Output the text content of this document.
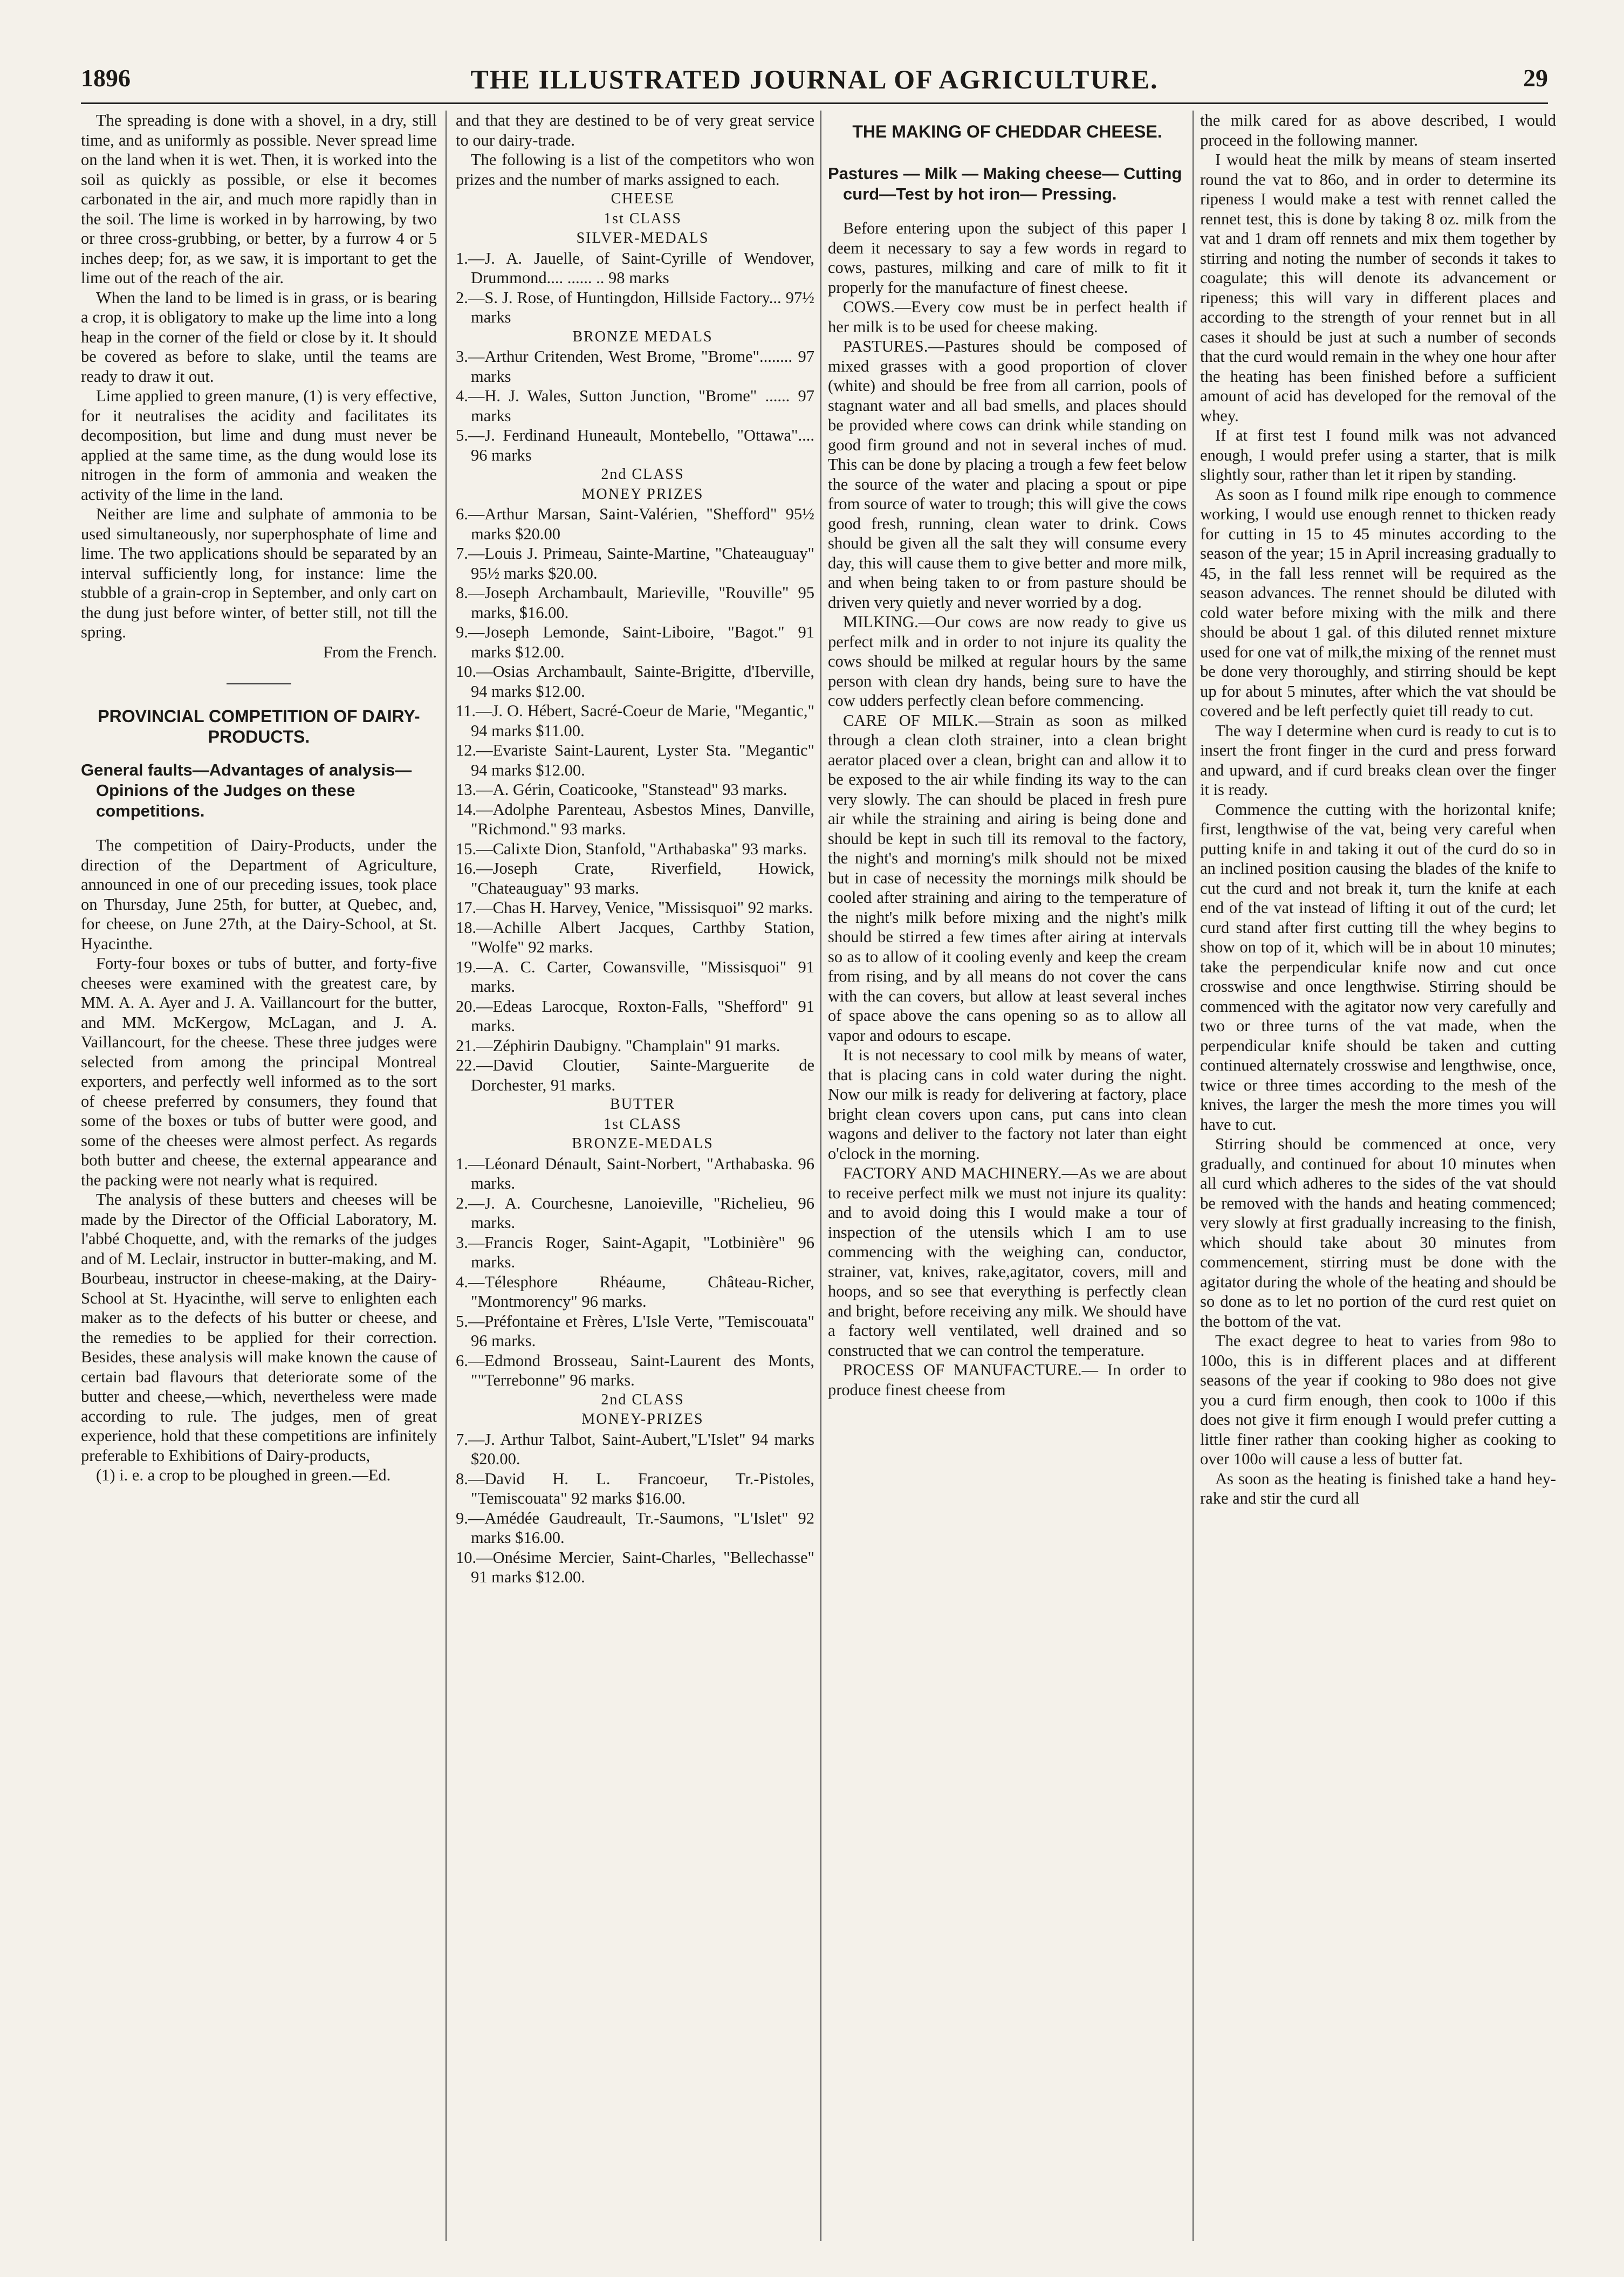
1896	THE ILLUSTRATED JOURNAL OF AGRICULTURE.	29

The spreading is done with a shovel, in a dry, still time, and as uniformly as possible. Never spread lime on the land when it is wet. Then, it is worked into the soil as quickly as possible, or else it becomes carbonated in the air, and much more rapidly than in the soil. The lime is worked in by harrowing, by two or three cross-grubbing, or better, by a furrow 4 or 5 inches deep; for, as we saw, it is important to get the lime out of the reach of the air.

When the land to be limed is in grass, or is bearing a crop, it is obligatory to make up the lime into a long heap in the corner of the field or close by it. It should be covered as before to slake, until the teams are ready to draw it out.

Lime applied to green manure, (1) is very effective, for it neutralises the acidity and facilitates its decomposition, but lime and dung must never be applied at the same time, as the dung would lose its nitrogen in the form of ammonia and weaken the activity of the lime in the land.

Neither are lime and sulphate of ammonia to be used simultaneously, nor superphosphate of lime and lime. The two applications should be separated by an interval sufficiently long, for instance: lime the stubble of a grain-crop in September, and only cart on the dung just before winter, of better still, not till the spring.

From the French.

PROVINCIAL COMPETITION OF DAIRY-PRODUCTS.
General faults—Advantages of analysis—Opinions of the Judges on these competitions.

The competition of Dairy-Products, under the direction of the Department of Agriculture, announced in one of our preceding issues, took place on Thursday, June 25th, for butter, at Quebec, and, for cheese, on June 27th, at the Dairy-School, at St. Hyacinthe.

Forty-four boxes or tubs of butter, and forty-five cheeses were examined with the greatest care, by MM. A. A. Ayer and J. A. Vaillancourt for the butter, and MM. McKergow, McLagan, and J. A. Vaillancourt, for the cheese. These three judges were selected from among the principal Montreal exporters, and perfectly well informed as to the sort of cheese preferred by consumers, they found that some of the boxes or tubs of butter were good, and some of the cheeses were almost perfect. As regards both butter and cheese, the external appearance and the packing were not nearly what is required.

The analysis of these butters and cheeses will be made by the Director of the Official Laboratory, M. l'abbé Choquette, and, with the remarks of the judges and of M. Leclair, instructor in butter-making, and M. Bourbeau, instructor in cheese-making, at the Dairy-School at St. Hyacinthe, will serve to enlighten each maker as to the defects of his butter or cheese, and the remedies to be applied for their correction. Besides, these analysis will make known the cause of certain bad flavours that deteriorate some of the butter and cheese,—which, nevertheless were made according to rule. The judges, men of great experience, hold that these competitions are infinitely preferable to Exhibitions of Dairy-products,

(1) i. e. a crop to be ploughed in green.—Ed.

and that they are destined to be of very great service to our dairy-trade.

The following is a list of the competitors who won prizes and the number of marks assigned to each.

CHEESE

1st CLASS

SILVER-MEDALS

1.—J. A. Jauelle, of Saint-Cyrille of Wendover, Drummond.... ...... .. 98 marks
2.—S. J. Rose, of Huntingdon, Hillside Factory... 97½ marks

BRONZE MEDALS

3.—Arthur Critenden, West Brome, "Brome"........ 97 marks
4.—H. J. Wales, Sutton Junction, "Brome" ...... 97 marks
5.—J. Ferdinand Huneault, Montebello, "Ottawa".... 96 marks

2nd CLASS

MONEY PRIZES

6.—Arthur Marsan, Saint-Valérien, "Shefford" 95½ marks $20.00
7.—Louis J. Primeau, Sainte-Martine, "Chateauguay" 95½ marks $20.00.
8.—Joseph Archambault, Marieville, "Rouville" 95 marks, $16.00.
9.—Joseph Lemonde, Saint-Liboire, "Bagot." 91 marks $12.00.
10.—Osias Archambault, Sainte-Brigitte, d'Iberville, 94 marks $12.00.
11.—J. O. Hébert, Sacré-Coeur de Marie, "Megantic," 94 marks $11.00.
12.—Evariste Saint-Laurent, Lyster Sta. "Megantic" 94 marks $12.00.
13.—A. Gérin, Coaticooke, "Stanstead" 93 marks.
14.—Adolphe Parenteau, Asbestos Mines, Danville, "Richmond." 93 marks.
15.—Calixte Dion, Stanfold, "Arthabaska" 93 marks.
16.—Joseph Crate, Riverfield, Howick, "Chateauguay" 93 marks.
17.—Chas H. Harvey, Venice, "Missisquoi" 92 marks.
18.—Achille Albert Jacques, Carthby Station, "Wolfe" 92 marks.
19.—A. C. Carter, Cowansville, "Missisquoi" 91 marks.
20.—Edeas Larocque, Roxton-Falls, "Shefford" 91 marks.
21.—Zéphirin Daubigny. "Champlain" 91 marks.
22.—David Cloutier, Sainte-Marguerite de Dorchester, 91 marks.

BUTTER

1st CLASS

BRONZE-MEDALS

1.—Léonard Dénault, Saint-Norbert, "Arthabaska. 96 marks.
2.—J. A. Courchesne, Lanoieville, "Richelieu, 96 marks.
3.—Francis Roger, Saint-Agapit, "Lotbinière" 96 marks.
4.—Télesphore Rhéaume, Château-Richer, "Montmorency" 96 marks.
5.—Préfontaine et Frères, L'Isle Verte, "Temiscouata" 96 marks.
6.—Edmond Brosseau, Saint-Laurent des Monts, ""Terrebonne" 96 marks.

2nd CLASS

MONEY-PRIZES

7.—J. Arthur Talbot, Saint-Aubert,"L'Islet" 94 marks $20.00.
8.—David H. L. Francoeur, Tr.-Pistoles, "Temiscouata" 92 marks $16.00.
9.—Amédée Gaudreault, Tr.-Saumons, "L'Islet" 92 marks $16.00.
10.—Onésime Mercier, Saint-Charles, "Bellechasse" 91 marks $12.00.
THE MAKING OF CHEDDAR CHEESE.
Pastures — Milk — Making cheese— Cutting curd—Test by hot iron— Pressing.

Before entering upon the subject of this paper I deem it necessary to say a few words in regard to cows, pastures, milking and care of milk to fit it properly for the manufacture of finest cheese.

COWS.—Every cow must be in perfect health if her milk is to be used for cheese making.

PASTURES.—Pastures should be composed of mixed grasses with a good proportion of clover (white) and should be free from all carrion, pools of stagnant water and all bad smells, and places should be provided where cows can drink while standing on good firm ground and not in several inches of mud. This can be done by placing a trough a few feet below the source of the water and placing a spout or pipe from source of water to trough; this will give the cows good fresh, running, clean water to drink. Cows should be given all the salt they will consume every day, this will cause them to give better and more milk, and when being taken to or from pasture should be driven very quietly and never worried by a dog.

MILKING.—Our cows are now ready to give us perfect milk and in order to not injure its quality the cows should be milked at regular hours by the same person with clean dry hands, being sure to have the cow udders perfectly clean before commencing.

CARE OF MILK.—Strain as soon as milked through a clean cloth strainer, into a clean bright aerator placed over a clean, bright can and allow it to be exposed to the air while finding its way to the can very slowly. The can should be placed in fresh pure air while the straining and airing is being done and should be kept in such till its removal to the factory, the night's and morning's milk should not be mixed but in case of necessity the mornings milk should be cooled after straining and airing to the temperature of the night's milk before mixing and the night's milk should be stirred a few times after airing at intervals so as to allow of it cooling evenly and keep the cream from rising, and by all means do not cover the cans with the can covers, but allow at least several inches of space above the cans opening so as to allow all vapor and odours to escape.

It is not necessary to cool milk by means of water, that is placing cans in cold water during the night. Now our milk is ready for delivering at factory, place bright clean covers upon cans, put cans into clean wagons and deliver to the factory not later than eight o'clock in the morning.

FACTORY AND MACHINERY.—As we are about to receive perfect milk we must not injure its quality: and to avoid doing this I would make a tour of inspection of the utensils which I am to use commencing with the weighing can, conductor, strainer, vat, knives, rake,agitator, covers, mill and hoops, and so see that everything is perfectly clean and bright, before receiving any milk. We should have a factory well ventilated, well drained and so constructed that we can control the temperature.

PROCESS OF MANUFACTURE.— In order to produce finest cheese from

the milk cared for as above described, I would proceed in the following manner.

I would heat the milk by means of steam inserted round the vat to 86o, and in order to determine its ripeness I would make a test with rennet called the rennet test, this is done by taking 8 oz. milk from the vat and 1 dram off rennets and mix them together by stirring and noting the number of seconds it takes to coagulate; this will denote its advancement or ripeness; this will vary in different places and according to the strength of your rennet but in all cases it should be just at such a number of seconds that the curd would remain in the whey one hour after the heating has been finished before a sufficient amount of acid has developed for the removal of the whey.

If at first test I found milk was not advanced enough, I would prefer using a starter, that is milk slightly sour, rather than let it ripen by standing.

As soon as I found milk ripe enough to commence working, I would use enough rennet to thicken ready for cutting in 15 to 45 minutes according to the season of the year; 15 in April increasing gradually to 45, in the fall less rennet will be required as the season advances. The rennet should be diluted with cold water before mixing with the milk and there should be about 1 gal. of this diluted rennet mixture used for one vat of milk,the mixing of the rennet must be done very thoroughly, and stirring should be kept up for about 5 minutes, after which the vat should be covered and be left perfectly quiet till ready to cut.

The way I determine when curd is ready to cut is to insert the front finger in the curd and press forward and upward, and if curd breaks clean over the finger it is ready.

Commence the cutting with the horizontal knife; first, lengthwise of the vat, being very careful when putting knife in and taking it out of the curd do so in an inclined position causing the blades of the knife to cut the curd and not break it, turn the knife at each end of the vat instead of lifting it out of the curd; let curd stand after first cutting till the whey begins to show on top of it, which will be in about 10 minutes; take the perpendicular knife now and cut once crosswise and once lengthwise. Stirring should be commenced with the agitator now very carefully and two or three turns of the vat made, when the perpendicular knife should be taken and cutting continued alternately crosswise and lengthwise, once, twice or three times according to the mesh of the knives, the larger the mesh the more times you will have to cut.

Stirring should be commenced at once, very gradually, and continued for about 10 minutes when all curd which adheres to the sides of the vat should be removed with the hands and heating commenced; very slowly at first gradually increasing to the finish, which should take about 30 minutes from commencement, stirring must be done with the agitator during the whole of the heating and should be so done as to let no portion of the curd rest quiet on the bottom of the vat.

The exact degree to heat to varies from 98o to 100o, this is in different places and at different seasons of the year if cooking to 98o does not give you a curd firm enough, then cook to 100o if this does not give it firm enough I would prefer cutting a little finer rather than cooking higher as cooking to over 100o will cause a less of butter fat.

As soon as the heating is finished take a hand hey-rake and stir the curd all
